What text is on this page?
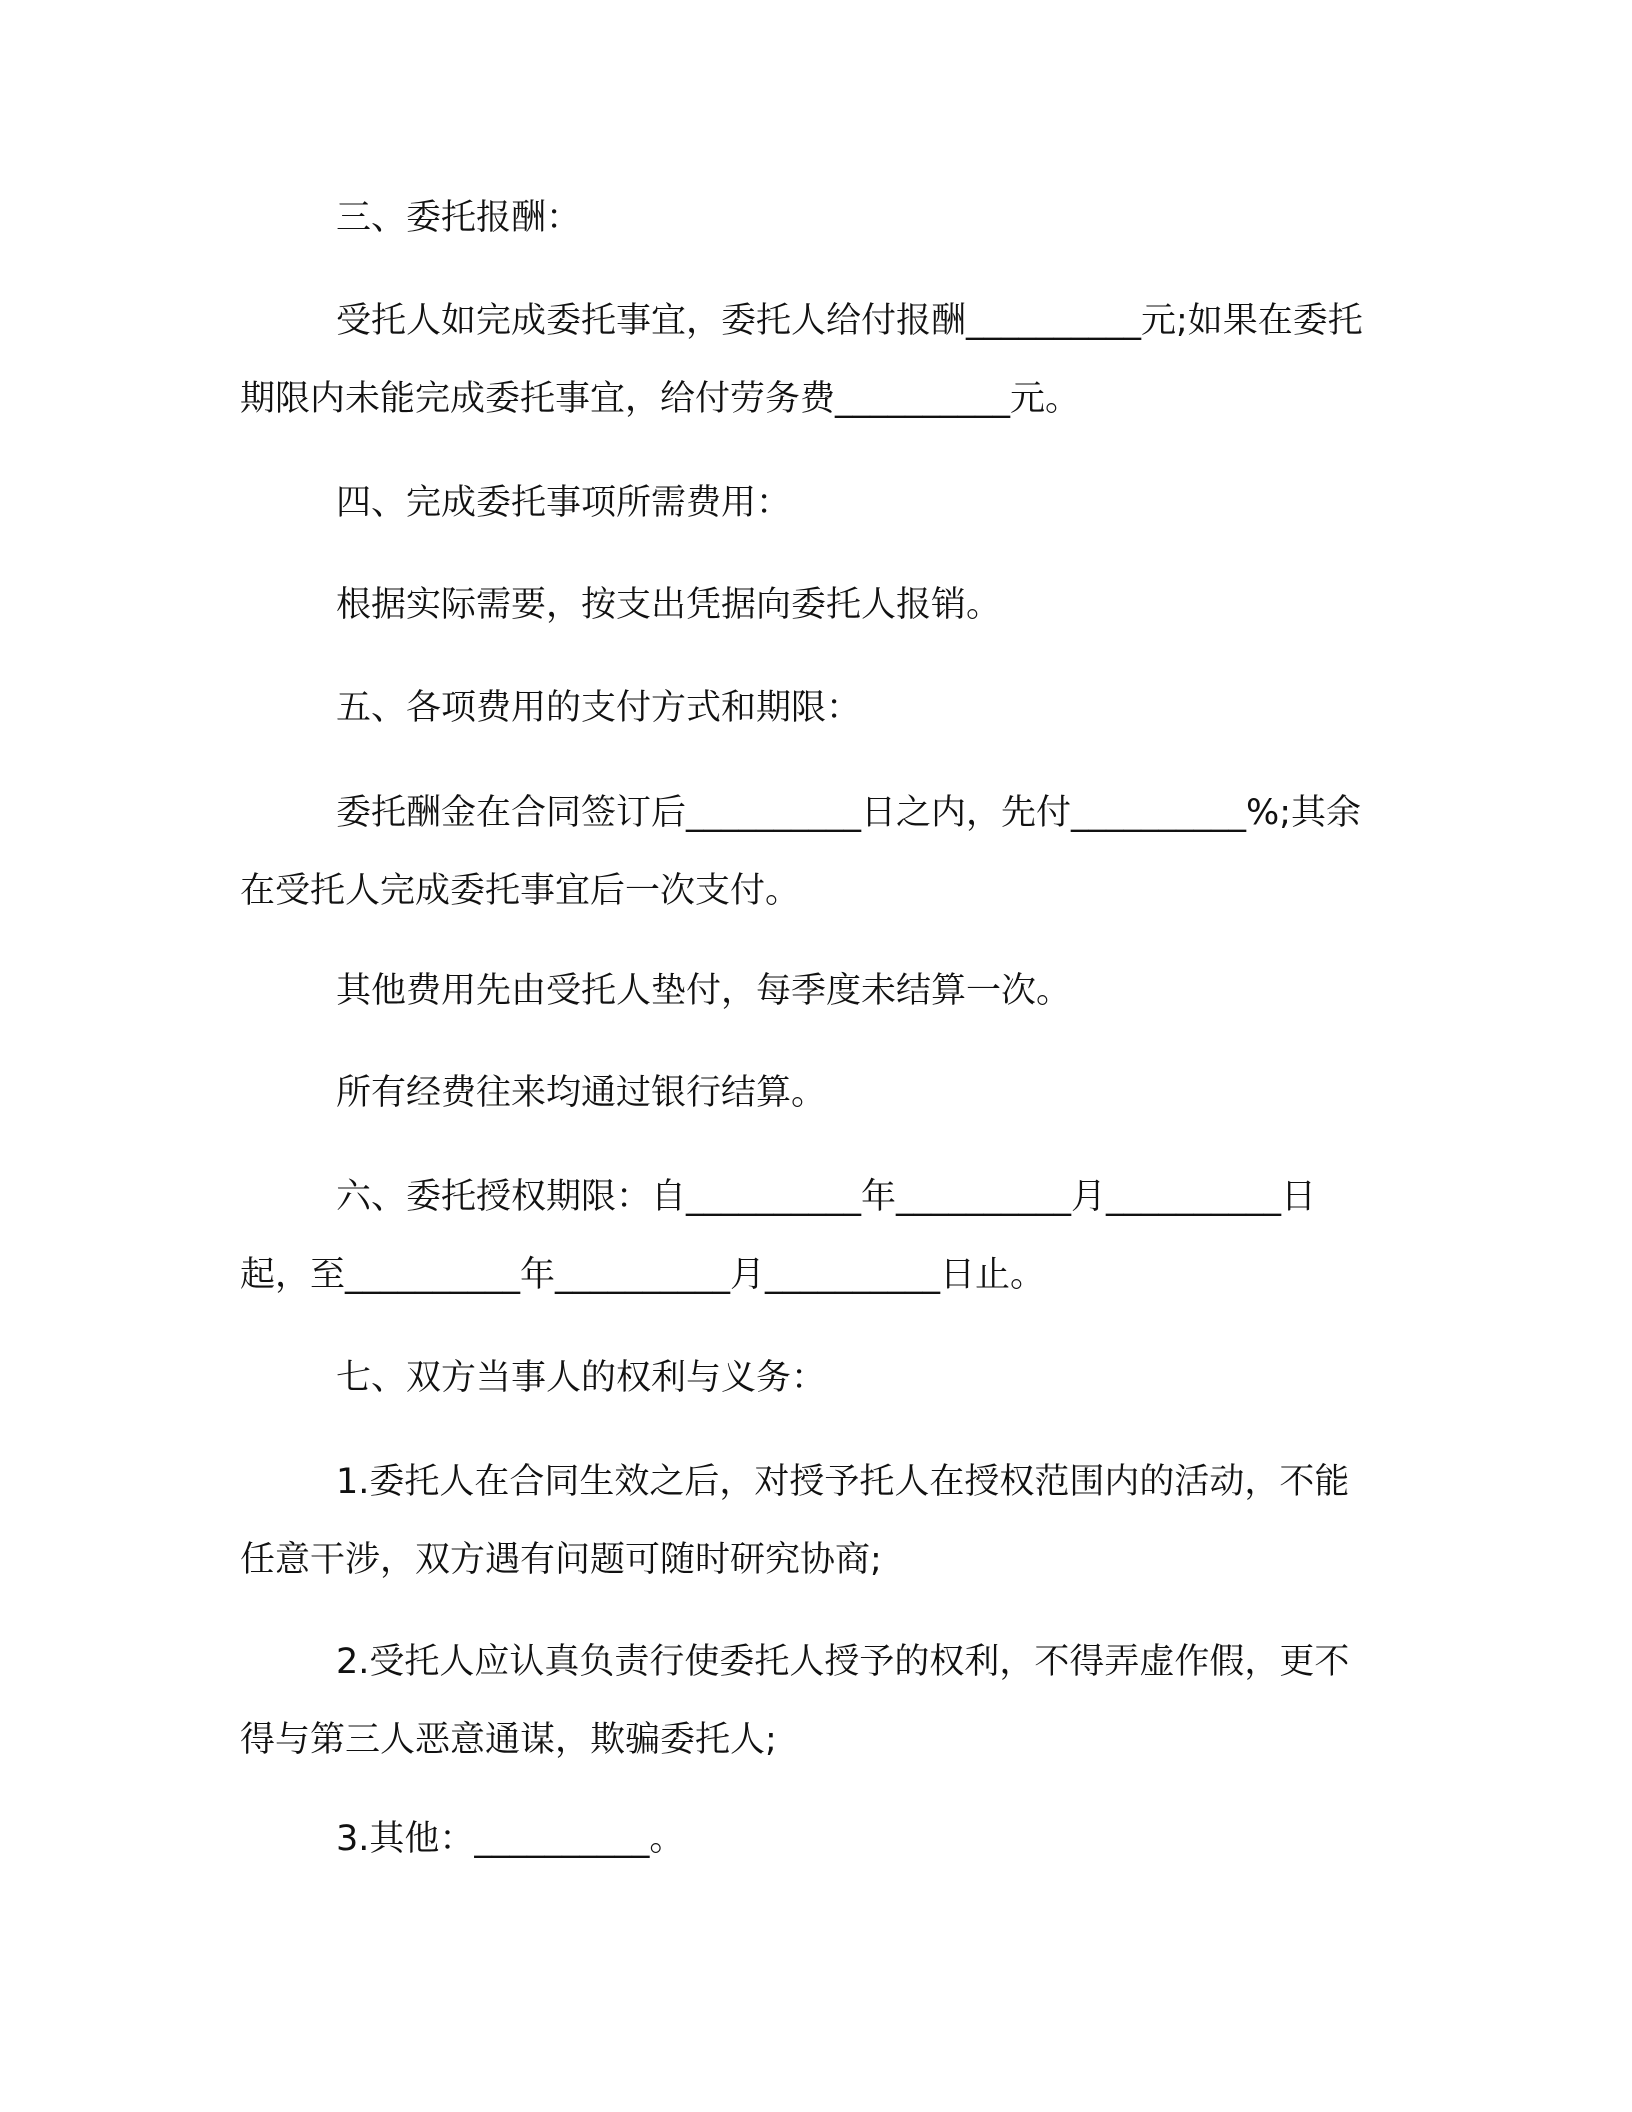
三、委托报酬：

受托人如完成委托事宜，委托人给付报酬__________元;如果在委托期限内未能完成委托事宜，给付劳务费__________元。

四、完成委托事项所需费用：

根据实际需要，按支出凭据向委托人报销。

五、各项费用的支付方式和期限：

委托酬金在合同签订后__________日之内，先付__________%;其余在受托人完成委托事宜后一次支付。

其他费用先由受托人垫付，每季度未结算一次。

所有经费往来均通过银行结算。

六、委托授权期限：自__________年__________月__________日起，至__________年__________月__________日止。

七、双方当事人的权利与义务：

1.委托人在合同生效之后，对授予托人在授权范围内的活动，不能任意干涉，双方遇有问题可随时研究协商;

2.受托人应认真负责行使委托人授予的权利，不得弄虚作假，更不得与第三人恶意通谋，欺骗委托人;

3.其他：__________。
